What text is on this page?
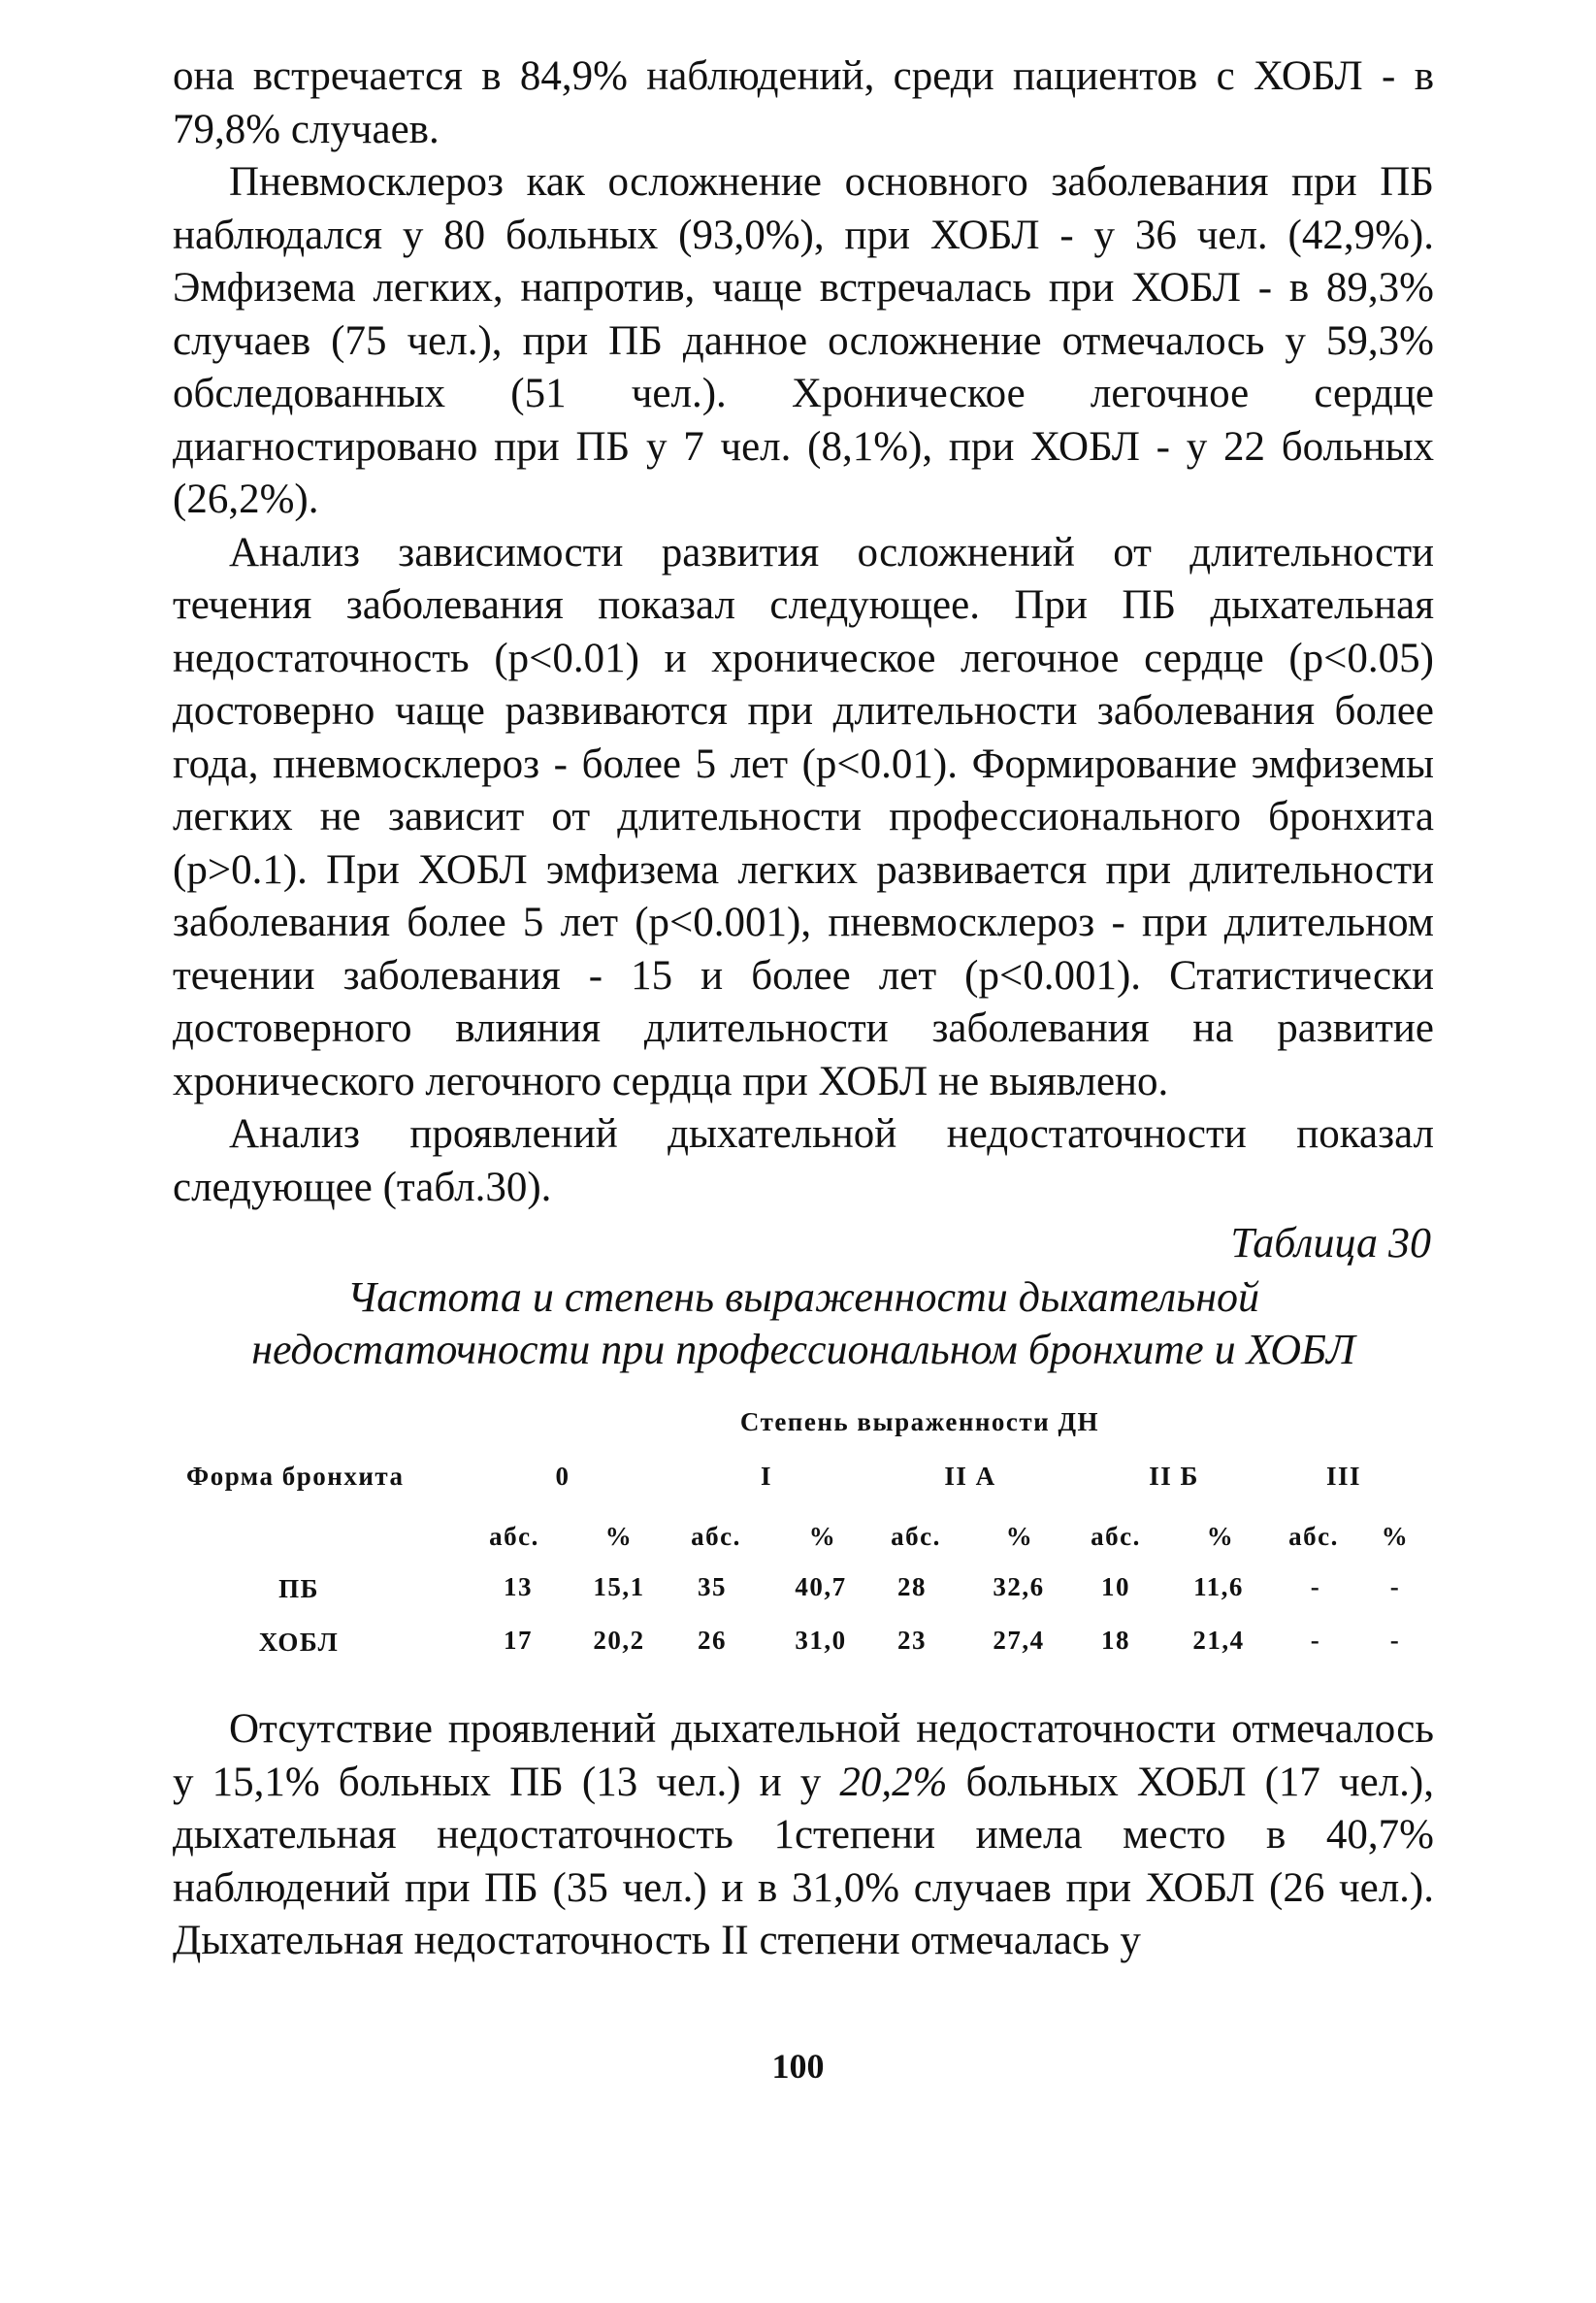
она встречается в 84,9% наблюдений, среди пациентов с ХОБЛ - в 79,8% случаев.

Пневмосклероз как осложнение основного заболевания при ПБ наблюдался у 80 больных (93,0%), при ХОБЛ - у 36 чел. (42,9%). Эмфизема легких, напротив, чаще встречалась при ХОБЛ - в 89,3% случаев (75 чел.), при ПБ данное осложнение отмечалось у 59,3% обследованных (51 чел.). Хроническое легочное сердце диагностировано при ПБ у 7 чел. (8,1%), при ХОБЛ - у 22 больных (26,2%).

Анализ зависимости развития осложнений от длительности течения заболевания показал следующее. При ПБ дыхательная недостаточность (p<0.01) и хроническое легочное сердце (p<0.05) достоверно чаще развиваются при длительности заболевания более года, пневмосклероз - более 5 лет (p<0.01). Формирование эмфиземы легких не зависит от длительности профессионального бронхита (p>0.1). При ХОБЛ эмфизема легких развивается при длительности заболевания более 5 лет (p<0.001), пневмосклероз - при длительном течении заболевания - 15 и более лет (p<0.001). Статистически достоверного влияния длительности заболевания на развитие хронического легочного сердца при ХОБЛ не выявлено.

Анализ проявлений дыхательной недостаточности показал следующее (табл.30).

Таблица 30
Частота и степень выраженности дыхательной
недостаточности при профессиональном бронхите и ХОБЛ
Степень выраженности ДН
Форма бронхита	0	I	II А	II Б	III
абс.	% абс.	% абс. % абс.	% абс. %
ПБ	13 15,1 35	40,7 28	32,6 10 11,6	-	-
ХОБЛ	17 20,2 26	31,0 23	27,4 18 21,4	-	-

Отсутствие проявлений дыхательной недостаточности отмечалось у 15,1% больных ПБ (13 чел.) и у 20,2% больных ХОБЛ (17 чел.), дыхательная недостаточность 1степени имела место в 40,7% наблюдений при ПБ (35 чел.) и в 31,0% случаев при ХОБЛ (26 чел.). Дыхательная недостаточность II степени отмечалась у

100
